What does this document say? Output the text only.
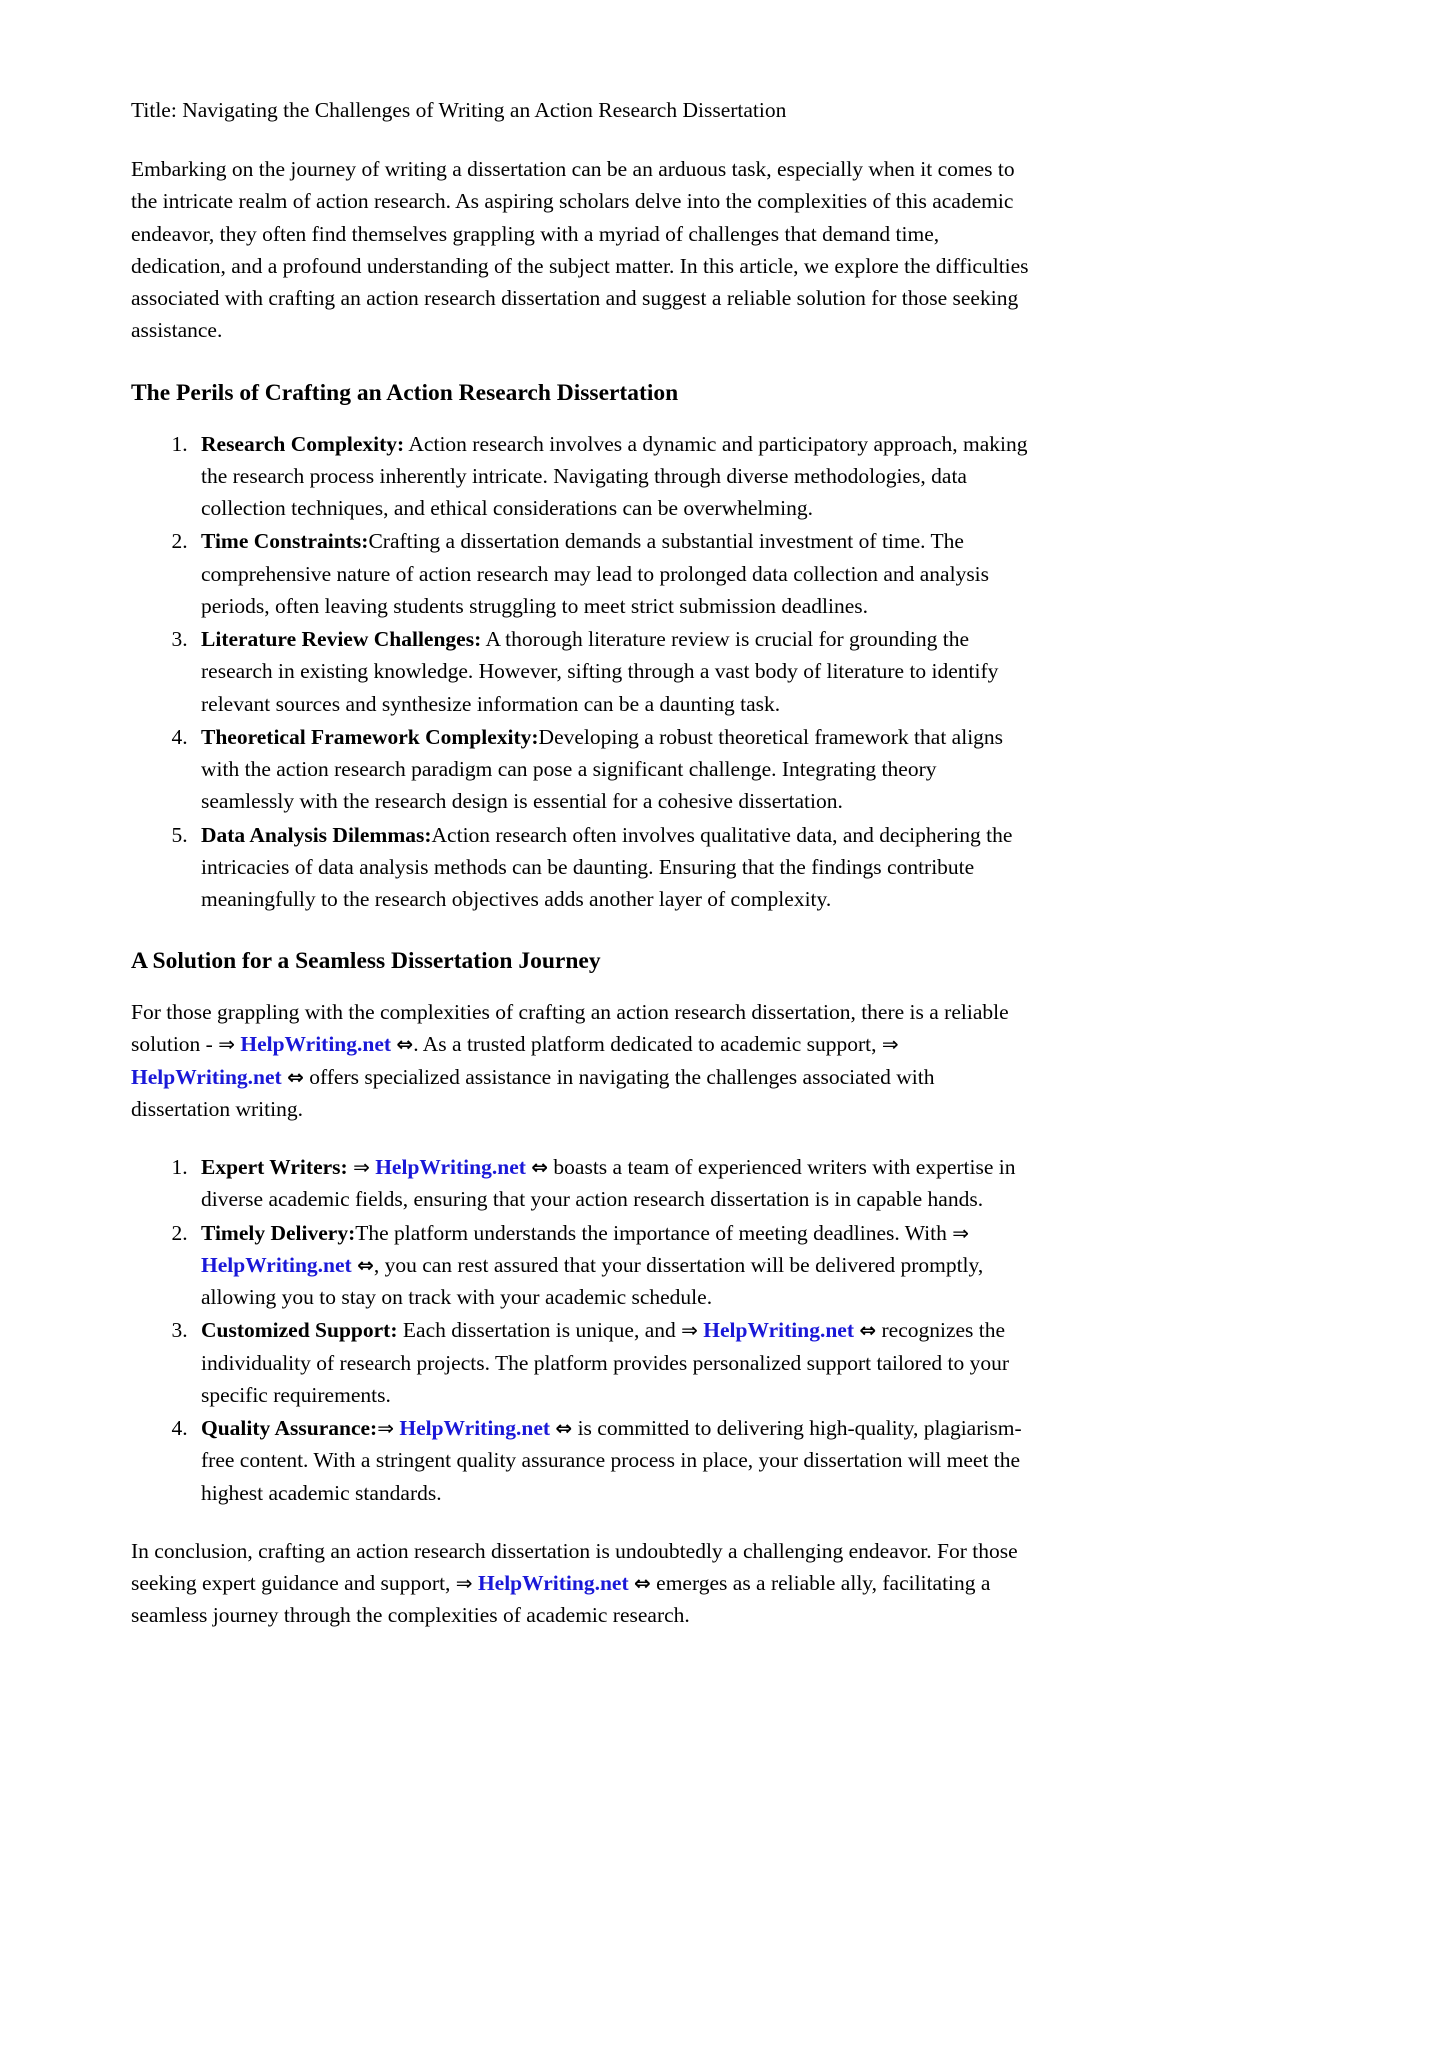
Title: Navigating the Challenges of Writing an Action Research Dissertation

Embarking on the journey of writing a dissertation can be an arduous task, especially when it comes to the intricate realm of action research. As aspiring scholars delve into the complexities of this academic endeavor, they often find themselves grappling with a myriad of challenges that demand time, dedication, and a profound understanding of the subject matter. In this article, we explore the difficulties associated with crafting an action research dissertation and suggest a reliable solution for those seeking assistance.

The Perils of Crafting an Action Research Dissertation
1. Research Complexity: Action research involves a dynamic and participatory approach, making the research process inherently intricate. Navigating through diverse methodologies, data collection techniques, and ethical considerations can be overwhelming.
2. Time Constraints:Crafting a dissertation demands a substantial investment of time. The comprehensive nature of action research may lead to prolonged data collection and analysis periods, often leaving students struggling to meet strict submission deadlines.
3. Literature Review Challenges: A thorough literature review is crucial for grounding the research in existing knowledge. However, sifting through a vast body of literature to identify relevant sources and synthesize information can be a daunting task.
4. Theoretical Framework Complexity:Developing a robust theoretical framework that aligns with the action research paradigm can pose a significant challenge. Integrating theory seamlessly with the research design is essential for a cohesive dissertation.
5. Data Analysis Dilemmas:Action research often involves qualitative data, and deciphering the intricacies of data analysis methods can be daunting. Ensuring that the findings contribute meaningfully to the research objectives adds another layer of complexity.
A Solution for a Seamless Dissertation Journey

For those grappling with the complexities of crafting an action research dissertation, there is a reliable solution - ⇒ HelpWriting.net ⇔. As a trusted platform dedicated to academic support, ⇒ HelpWriting.net ⇔ offers specialized assistance in navigating the challenges associated with dissertation writing.

1. Expert Writers: ⇒ HelpWriting.net ⇔ boasts a team of experienced writers with expertise in diverse academic fields, ensuring that your action research dissertation is in capable hands.
2. Timely Delivery:The platform understands the importance of meeting deadlines. With ⇒ HelpWriting.net ⇔, you can rest assured that your dissertation will be delivered promptly, allowing you to stay on track with your academic schedule.
3. Customized Support: Each dissertation is unique, and ⇒ HelpWriting.net ⇔ recognizes the individuality of research projects. The platform provides personalized support tailored to your specific requirements.
4. Quality Assurance:⇒ HelpWriting.net ⇔ is committed to delivering high-quality, plagiarism-free content. With a stringent quality assurance process in place, your dissertation will meet the highest academic standards.

In conclusion, crafting an action research dissertation is undoubtedly a challenging endeavor. For those seeking expert guidance and support, ⇒ HelpWriting.net ⇔ emerges as a reliable ally, facilitating a seamless journey through the complexities of academic research.
